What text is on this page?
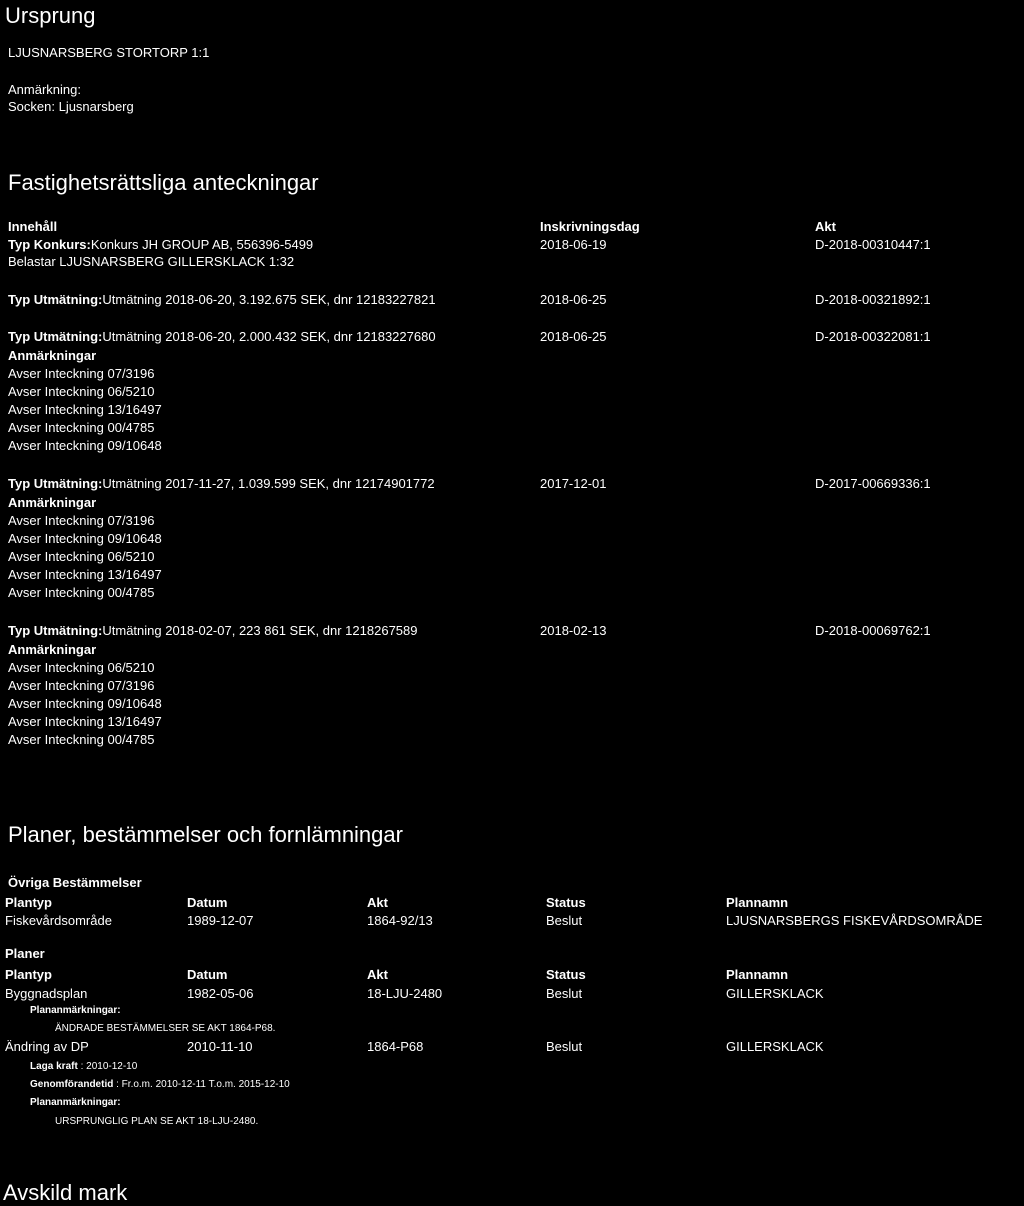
Ursprung
LJUSNARSBERG STORTORP 1:1
Anmärkning:
Socken: Ljusnarsberg
Fastighetsrättsliga anteckningar
Innehåll	Inskrivningsdag	Akt
Typ Konkurs:Konkurs JH GROUP AB, 556396-5499	2018-06-19	D-2018-00310447:1
Belastar LJUSNARSBERG GILLERSKLACK 1:32
Typ Utmätning:Utmätning 2018-06-20, 3.192.675 SEK, dnr 12183227821	2018-06-25	D-2018-00321892:1
Typ Utmätning:Utmätning 2018-06-20, 2.000.432 SEK, dnr 12183227680	2018-06-25	D-2018-00322081:1
Anmärkningar
Avser Inteckning 07/3196
Avser Inteckning 06/5210
Avser Inteckning 13/16497
Avser Inteckning 00/4785
Avser Inteckning 09/10648
Typ Utmätning:Utmätning 2017-11-27, 1.039.599 SEK, dnr 12174901772	2017-12-01	D-2017-00669336:1
Anmärkningar
Avser Inteckning 07/3196
Avser Inteckning 09/10648
Avser Inteckning 06/5210
Avser Inteckning 13/16497
Avser Inteckning 00/4785
Typ Utmätning:Utmätning 2018-02-07, 223 861 SEK, dnr 1218267589	2018-02-13	D-2018-00069762:1
Anmärkningar
Avser Inteckning 06/5210
Avser Inteckning 07/3196
Avser Inteckning 09/10648
Avser Inteckning 13/16497
Avser Inteckning 00/4785
Planer, bestämmelser och fornlämningar
Övriga Bestämmelser
Plantyp	Datum	Akt	Status	Plannamn
Fiskevårdsområde	1989-12-07	1864-92/13	Beslut	LJUSNARSBERGS FISKEVÅRDSOMRÅDE
Planer
Plantyp	Datum	Akt	Status	Plannamn
Byggnadsplan	1982-05-06	18-LJU-2480	Beslut	GILLERSKLACK
Plananmärkningar:
ÄNDRADE BESTÄMMELSER SE AKT 1864-P68.
Ändring av DP	2010-11-10	1864-P68	Beslut	GILLERSKLACK
Laga kraft : 2010-12-10
Genomförandetid : Fr.o.m. 2010-12-11 T.o.m. 2015-12-10
Plananmärkningar:
URSPRUNGLIG PLAN SE AKT 18-LJU-2480.
Avskild mark
